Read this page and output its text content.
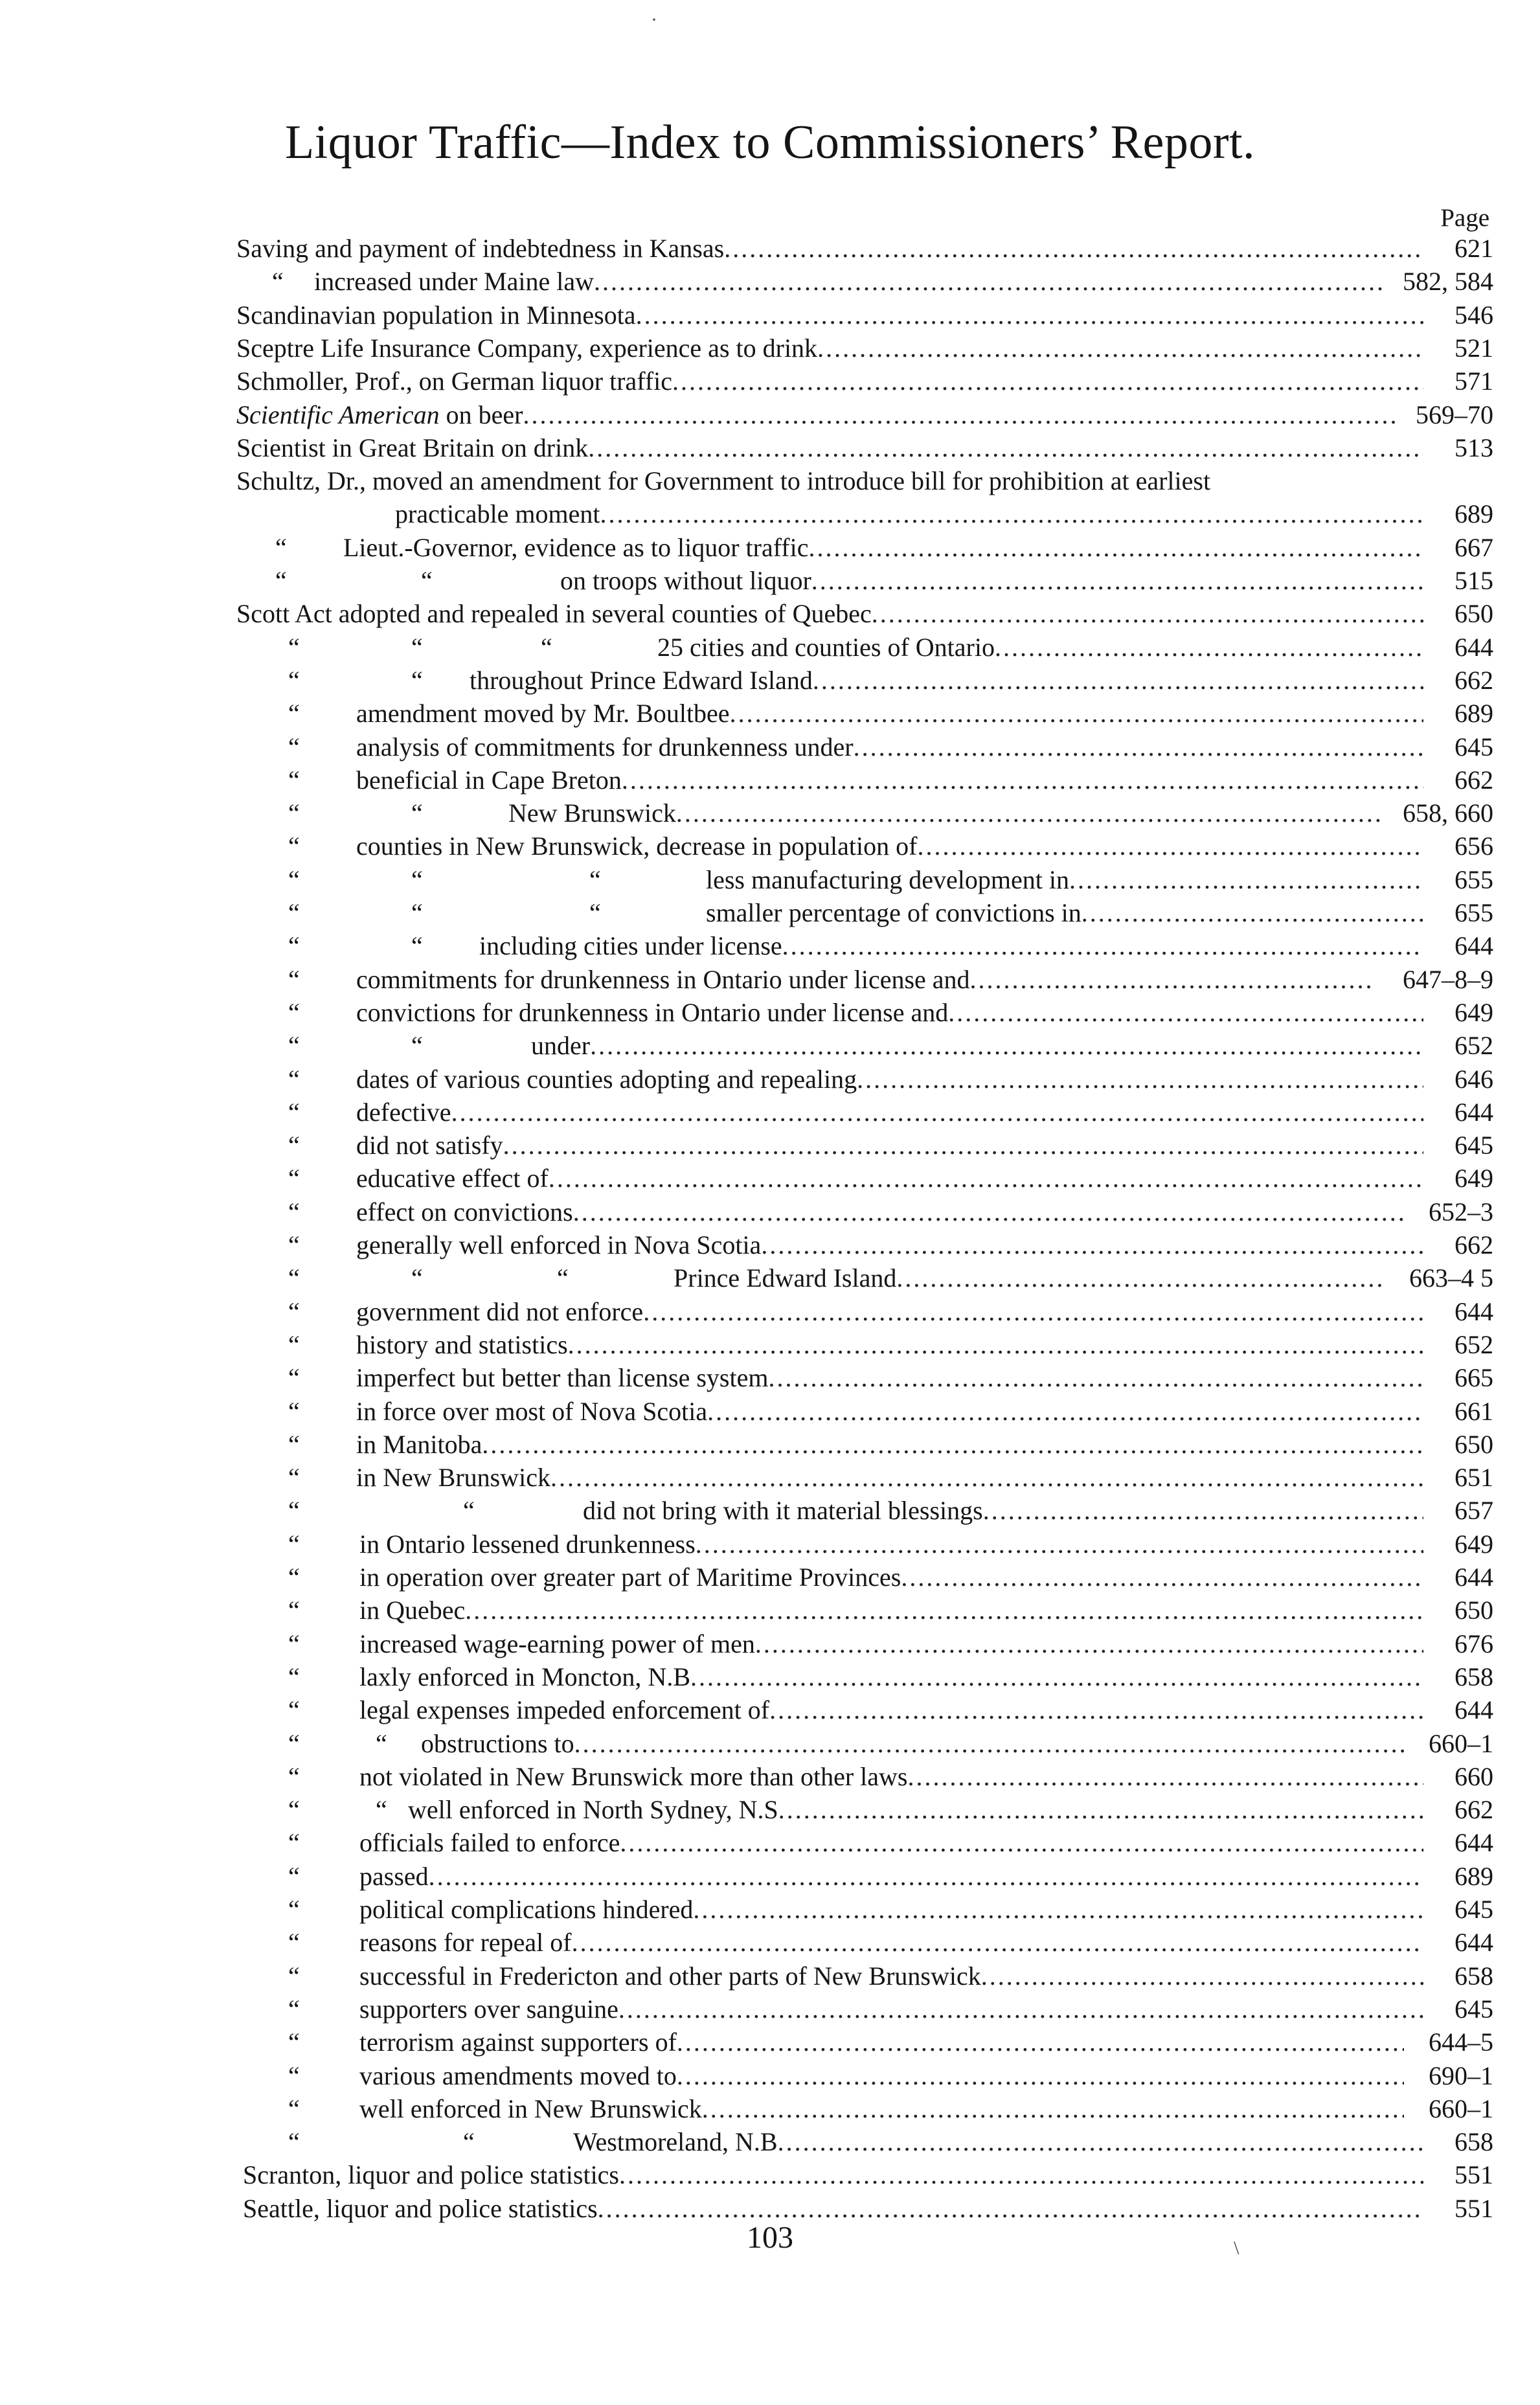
Liquor Traffic—Index to Commissioners’ Report.
Page
Saving and payment of indebtedness in Kansas .....	621
“ increased under Maine law .....	582, 584
Scandinavian population in Minnesota .....	546
Sceptre Life Insurance Company, experience as to drink .....	521
Schmoller, Prof., on German liquor traffic .....	571
Scientific American on beer .....	569–70
Scientist in Great Britain on drink .....	513
Schultz, Dr., moved an amendment for Government to introduce bill for prohibition at earliest
practicable moment .....	689
“ Lieut.-Governor, evidence as to liquor traffic .....	667
“	“	on troops without liquor .....	515
Scott Act adopted and repealed in several counties of Quebec .....	650
“	“	“	25 cities and counties of Ontario .....	644
“	“ throughout Prince Edward Island .....	662
“ amendment moved by Mr. Boultbee .....	689
“ analysis of commitments for drunkenness under .....	645
“ beneficial in Cape Breton .....	662
“	“	New Brunswick .....	658, 660
“ counties in New Brunswick, decrease in population of .....	656
“	“	“	less manufacturing development in .....	655
“	“	“	smaller percentage of convictions in .....	655
“	“ including cities under license .....	644
“ commitments for drunkenness in Ontario under license and .....	647–8–9
“ convictions for drunkenness in Ontario under license and .....	649
“	“	under .....	652
“ dates of various counties adopting and repealing .....	646
“ defective .....	644
“ did not satisfy .....	645
“ educative effect of .....	649
“ effect on convictions .....	652–3
“ generally well enforced in Nova Scotia .....	662
“	“	“	Prince Edward Island .....	663–4 5
“ government did not enforce .....	644
“ history and statistics .....	652
“ imperfect but better than license system .....	665
“ in force over most of Nova Scotia .....	661
“ in Manitoba .....	650
“ in New Brunswick .....	651
“	“	did not bring with it material blessings .....	657
“ in Ontario lessened drunkenness .....	649
“ in operation over greater part of Maritime Provinces .....	644
“ in Quebec .....	650
“ increased wage-earning power of men .....	676
“ laxly enforced in Moncton, N.B .....	658
“ legal expenses impeded enforcement of .....	644
“	“ obstructions to .....	660–1
“ not violated in New Brunswick more than other laws .....	660
“	“ well enforced in North Sydney, N.S .....	662
“ officials failed to enforce .....	644
“ passed .....	689
“ political complications hindered .....	645
“ reasons for repeal of .....	644
“ successful in Fredericton and other parts of New Brunswick .....	658
“ supporters over sanguine .....	645
“ terrorism against supporters of .....	644–5
“ various amendments moved to .....	690–1
“ well enforced in New Brunswick .....	660–1
“	“	Westmoreland, N.B .....	658
Scranton, liquor and police statistics .....	551
Seattle, liquor and police statistics .....	551
103
·
\
